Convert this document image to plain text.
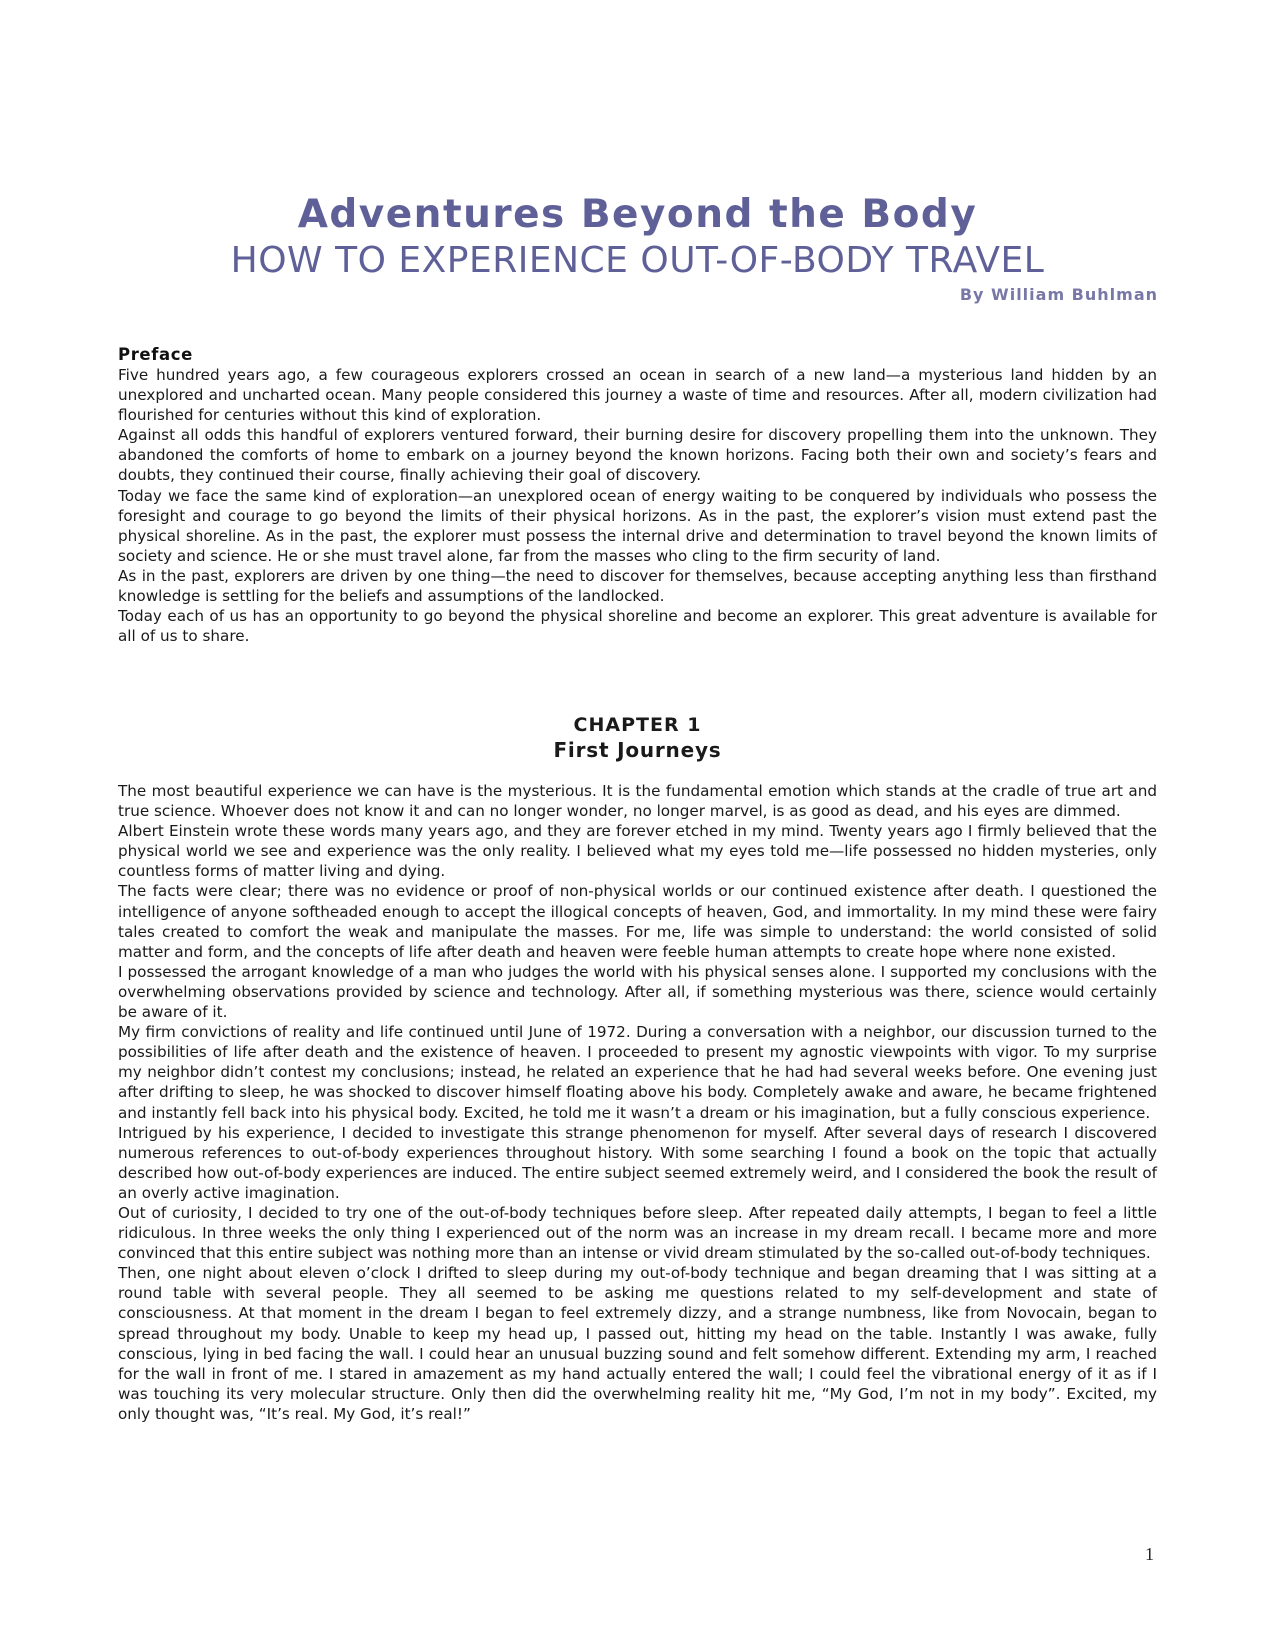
Adventures Beyond the Body
HOW TO EXPERIENCE OUT-OF-BODY TRAVEL
By William Buhlman
Preface

Five hundred years ago, a few courageous explorers crossed an ocean in search of a new land—a mysterious land hidden by an unexplored and uncharted ocean. Many people considered this journey a waste of time and resources. After all, modern civilization had flourished for centuries without this kind of exploration.

Against all odds this handful of explorers ventured forward, their burning desire for discovery propelling them into the unknown. They abandoned the comforts of home to embark on a journey beyond the known horizons. Facing both their own and society’s fears and doubts, they continued their course, finally achieving their goal of discovery.

Today we face the same kind of exploration—an unexplored ocean of energy waiting to be conquered by individuals who possess the foresight and courage to go beyond the limits of their physical horizons. As in the past, the explorer’s vision must extend past the physical shoreline. As in the past, the explorer must possess the internal drive and determination to travel beyond the known limits of society and science. He or she must travel alone, far from the masses who cling to the firm security of land.

As in the past, explorers are driven by one thing—the need to discover for themselves, because accepting anything less than firsthand knowledge is settling for the beliefs and assumptions of the landlocked.

Today each of us has an opportunity to go beyond the physical shoreline and become an explorer. This great adventure is available for all of us to share.

CHAPTER 1
First Journeys

The most beautiful experience we can have is the mysterious. It is the fundamental emotion which stands at the cradle of true art and true science. Whoever does not know it and can no longer wonder, no longer marvel, is as good as dead, and his eyes are dimmed.

Albert Einstein wrote these words many years ago, and they are forever etched in my mind. Twenty years ago I firmly believed that the physical world we see and experience was the only reality. I believed what my eyes told me—life possessed no hidden mysteries, only countless forms of matter living and dying.

The facts were clear; there was no evidence or proof of non-physical worlds or our continued existence after death. I questioned the intelligence of anyone softheaded enough to accept the illogical concepts of heaven, God, and immortality. In my mind these were fairy tales created to comfort the weak and manipulate the masses. For me, life was simple to understand: the world consisted of solid matter and form, and the concepts of life after death and heaven were feeble human attempts to create hope where none existed.

I possessed the arrogant knowledge of a man who judges the world with his physical senses alone. I supported my conclusions with the overwhelming observations provided by science and technology. After all, if something mysterious was there, science would certainly be aware of it.

My firm convictions of reality and life continued until June of 1972. During a conversation with a neighbor, our discussion turned to the possibilities of life after death and the existence of heaven. I proceeded to present my agnostic viewpoints with vigor. To my surprise my neighbor didn’t contest my conclusions; instead, he related an experience that he had had several weeks before. One evening just after drifting to sleep, he was shocked to discover himself floating above his body. Completely awake and aware, he became frightened and instantly fell back into his physical body. Excited, he told me it wasn’t a dream or his imagination, but a fully conscious experience.

Intrigued by his experience, I decided to investigate this strange phenomenon for myself. After several days of research I discovered numerous references to out-of-body experiences throughout history. With some searching I found a book on the topic that actually described how out-of-body experiences are induced. The entire subject seemed extremely weird, and I considered the book the result of an overly active imagination.

Out of curiosity, I decided to try one of the out-of-body techniques before sleep. After repeated daily attempts, I began to feel a little ridiculous. In three weeks the only thing I experienced out of the norm was an increase in my dream recall. I became more and more convinced that this entire subject was nothing more than an intense or vivid dream stimulated by the so-called out-of-body techniques.

Then, one night about eleven o’clock I drifted to sleep during my out-of-body technique and began dreaming that I was sitting at a round table with several people. They all seemed to be asking me questions related to my self-development and state of consciousness. At that moment in the dream I began to feel extremely dizzy, and a strange numbness, like from Novocain, began to spread throughout my body. Unable to keep my head up, I passed out, hitting my head on the table. Instantly I was awake, fully conscious, lying in bed facing the wall. I could hear an unusual buzzing sound and felt somehow different. Extending my arm, I reached for the wall in front of me. I stared in amazement as my hand actually entered the wall; I could feel the vibrational energy of it as if I was touching its very molecular structure. Only then did the overwhelming reality hit me, “My God, I’m not in my body”. Excited, my only thought was, “It’s real. My God, it’s real!”

1
